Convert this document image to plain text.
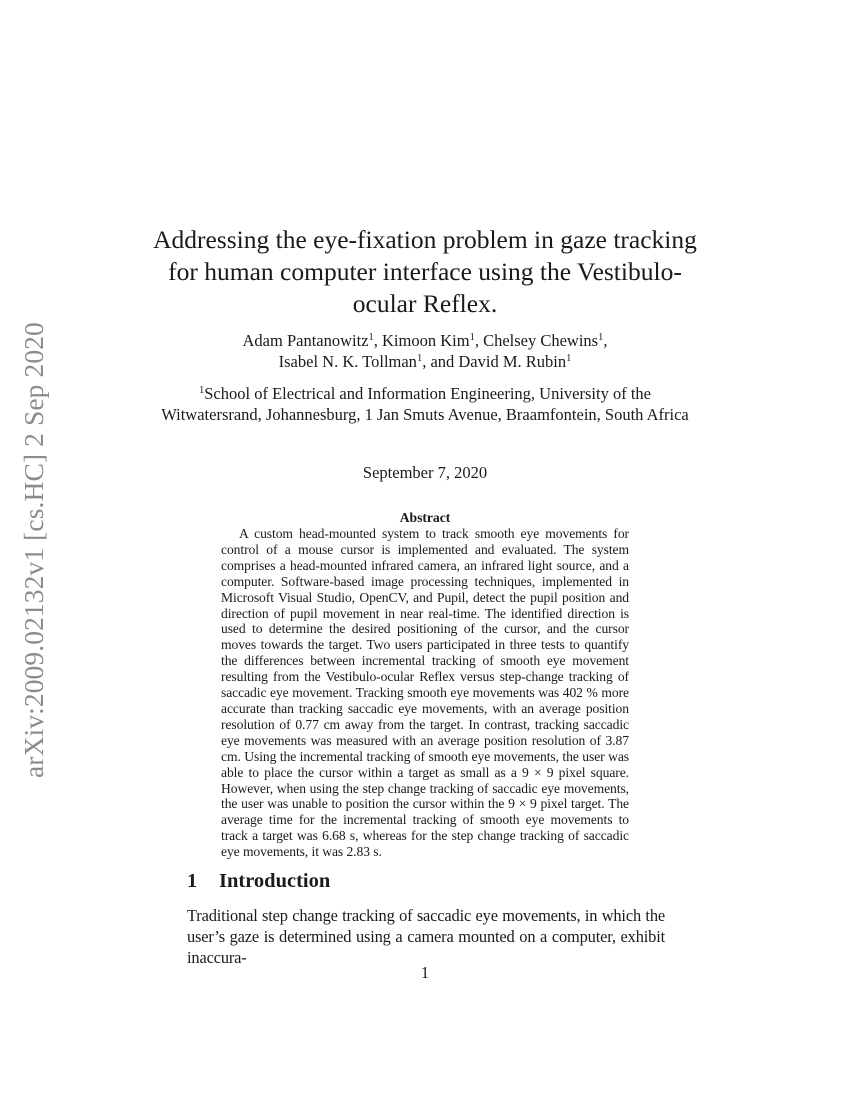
arXiv:2009.02132v1 [cs.HC] 2 Sep 2020
Addressing the eye-fixation problem in gaze tracking for human computer interface using the Vestibulo-ocular Reflex.
Adam Pantanowitz$^1$, Kimoon Kim$^1$, Chelsey Chewins$^1$,
Isabel N. K. Tollman$^1$, and David M. Rubin$^1$
$^1$School of Electrical and Information Engineering, University of the Witwatersrand, Johannesburg, 1 Jan Smuts Avenue, Braamfontein, South Africa
September 7, 2020
Abstract
A custom head-mounted system to track smooth eye movements for control of a mouse cursor is implemented and evaluated. The system comprises a head-mounted infrared camera, an infrared light source, and a computer. Software-based image processing techniques, implemented in Microsoft Visual Studio, OpenCV, and Pupil, detect the pupil position and direction of pupil movement in near real-time. The identified direction is used to determine the desired positioning of the cursor, and the cursor moves towards the target. Two users participated in three tests to quantify the differences between incremental tracking of smooth eye movement resulting from the Vestibulo-ocular Reflex versus step-change tracking of saccadic eye movement. Tracking smooth eye movements was 402 % more accurate than tracking saccadic eye movements, with an average position resolution of 0.77 cm away from the target. In contrast, tracking saccadic eye movements was measured with an average position resolution of 3.87 cm. Using the incremental tracking of smooth eye movements, the user was able to place the cursor within a target as small as a 9 × 9 pixel square. However, when using the step change tracking of saccadic eye movements, the user was unable to position the cursor within the 9 × 9 pixel target. The average time for the incremental tracking of smooth eye movements to track a target was 6.68 s, whereas for the step change tracking of saccadic eye movements, it was 2.83 s.
1 Introduction
Traditional step change tracking of saccadic eye movements, in which the user’s gaze is determined using a camera mounted on a computer, exhibit inaccura-
1
